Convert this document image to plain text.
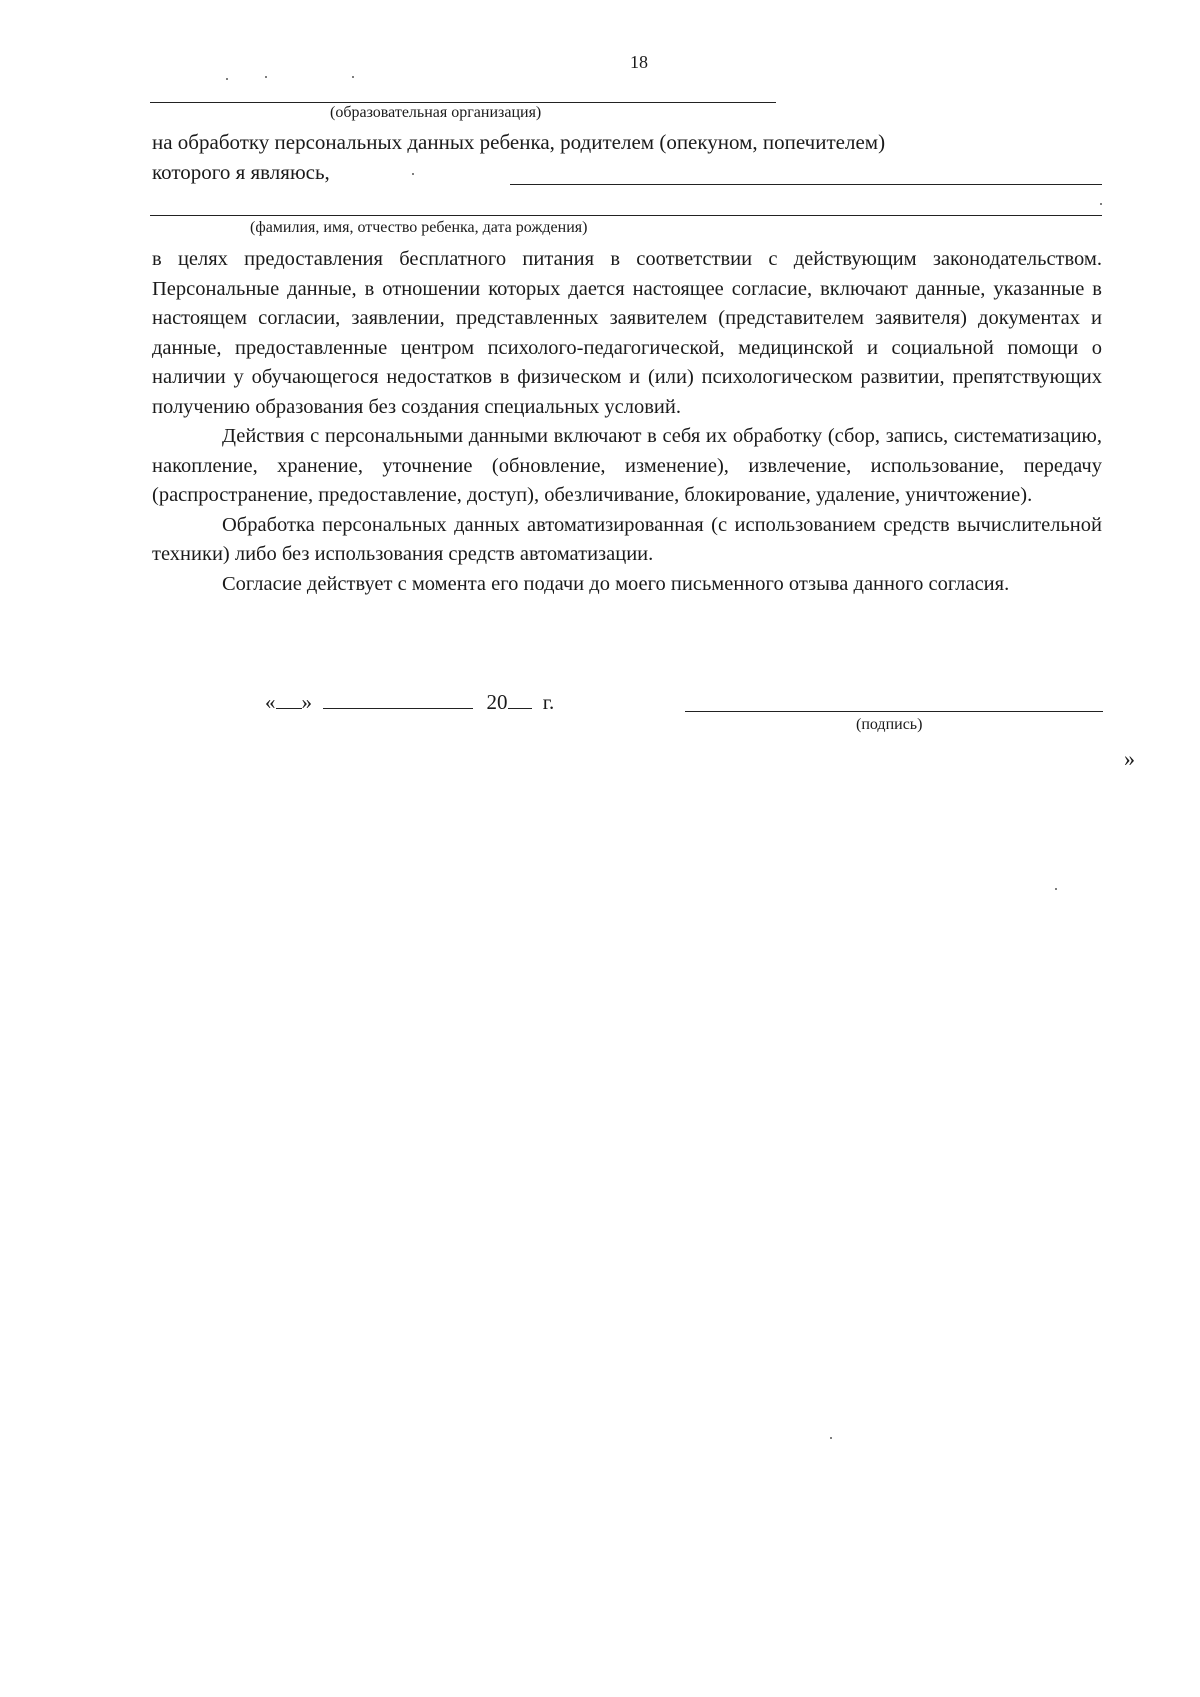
18
(образовательная организация)
на обработку персональных данных ребенка, родителем (опекуном, попечителем)
которого я являюсь,
(фамилия, имя, отчество ребенка, дата рождения)

в целях предоставления бесплатного питания в соответствии с действующим законодательством. Персональные данные, в отношении которых дается настоящее согласие, включают данные, указанные в настоящем согласии, заявлении, представленных заявителем (представителем заявителя) документах и данные, предоставленные центром психолого-педагогической, медицинской и социальной помощи о наличии у обучающегося недостатков в физическом и (или) психологическом развитии, препятствующих получению образования без создания специальных условий.

Действия с персональными данными включают в себя их обработку (сбор, запись, систематизацию, накопление, хранение, уточнение (обновление, изменение), извлечение, использование, передачу (распространение, предоставление, доступ), обезличивание, блокирование, удаление, уничтожение).

Обработка персональных данных автоматизированная (с использованием средств вычислительной техники) либо без использования средств автоматизации.

Согласие действует с момента его подачи до моего письменного отзыва данного согласия.

« »	20 г.
(подпись)
»
